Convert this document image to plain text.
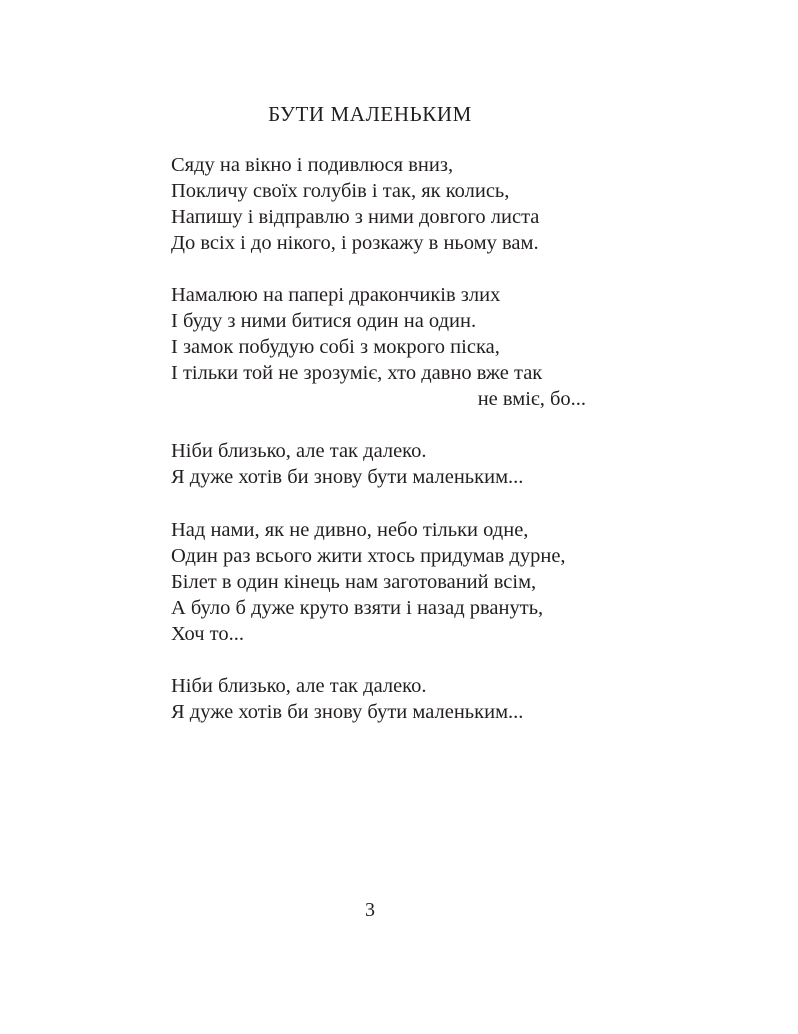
БУТИ МАЛЕНЬКИМ
Сяду на вікно і подивлюся вниз,
Покличу своїх голубів і так, як колись,
Напишу і відправлю з ними довгого листа
До всіх і до нікого, і розкажу в ньому вам.
Намалюю на папері дракончиків злих
І буду з ними битися один на один.
І замок побудую собі з мокрого піска,
І тільки той не зрозуміє, хто давно вже так
не вміє, бо...
Ніби близько, але так далеко.
Я дуже хотів би знову бути маленьким...
Над нами, як не дивно, небо тільки одне,
Один раз всього жити хтось придумав дурне,
Білет в один кінець нам заготований всім,
А було б дуже круто взяти і назад рвануть,
Хоч то...
Ніби близько, але так далеко.
Я дуже хотів би знову бути маленьким...
3
